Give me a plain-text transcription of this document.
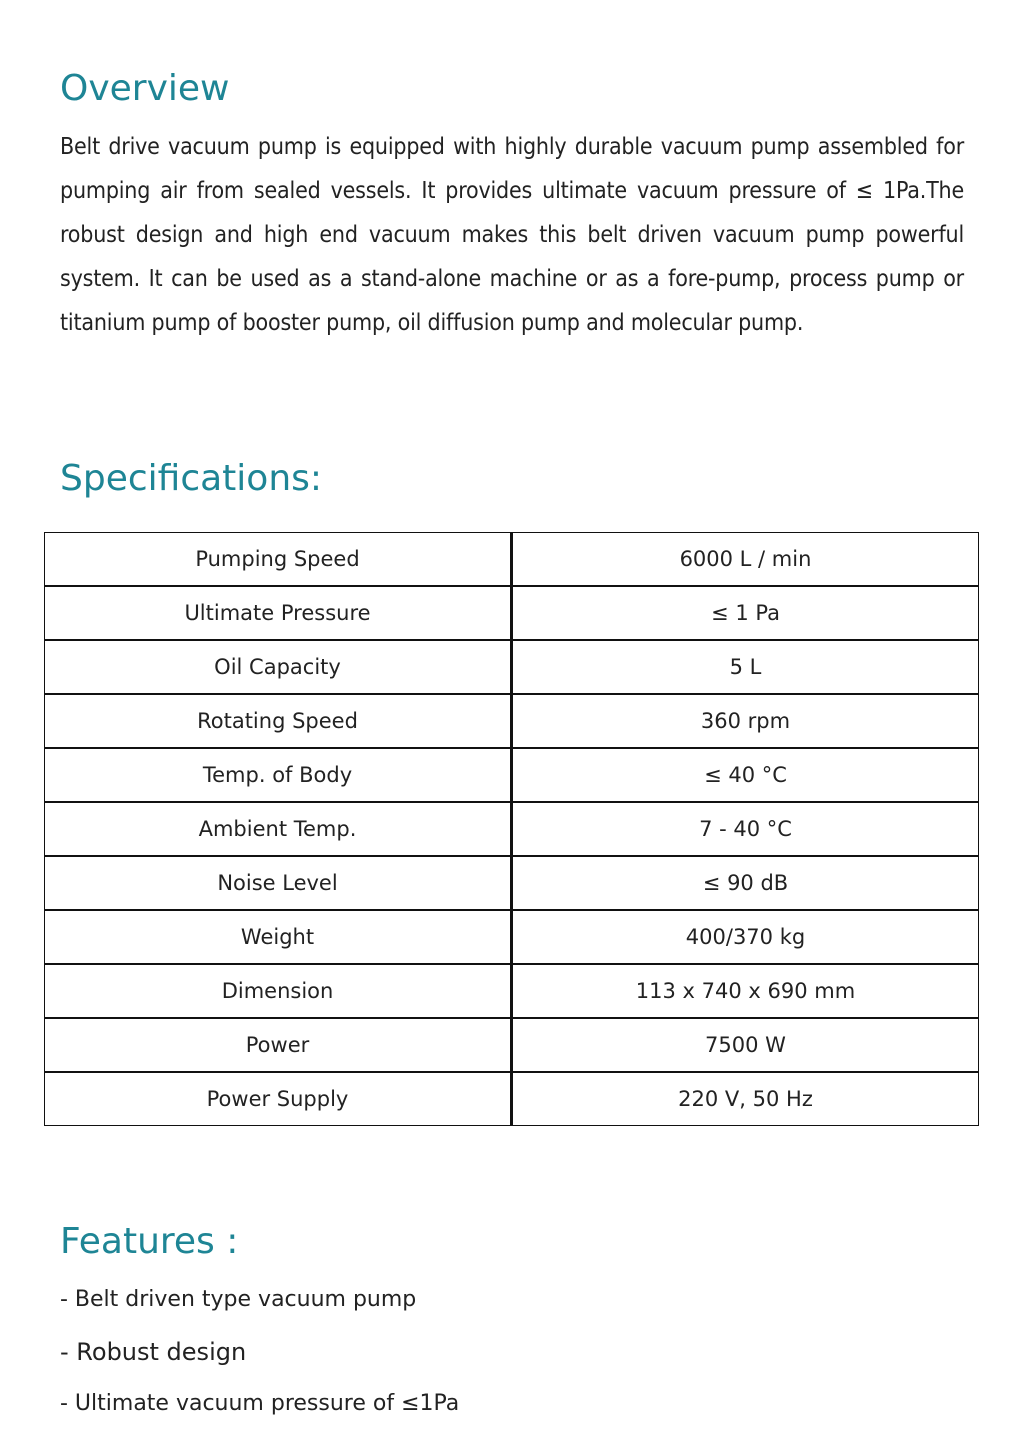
Overview

Belt drive vacuum pump is equipped with highly durable vacuum pump assembled for pumping air from sealed vessels. It provides ultimate vacuum pressure of ≤ 1Pa.The robust design and high end vacuum makes this belt driven vacuum pump powerful system. It can be used as a stand-alone machine or as a fore-pump, process pump or titanium pump of booster pump, oil diffusion pump and molecular pump.

Specifications:
Pumping Speed	6000 L / min
Ultimate Pressure	≤ 1 Pa
Oil Capacity	5 L
Rotating Speed	360 rpm
Temp. of Body	≤ 40 °C
Ambient Temp.	7 - 40 °C
Noise Level	≤ 90 dB
Weight	400/370 kg
Dimension	113 x 740 x 690 mm
Power	7500 W
Power Supply	220 V, 50 Hz
Features :

- Belt driven type vacuum pump

- Robust design

- Ultimate vacuum pressure of ≤1Pa
